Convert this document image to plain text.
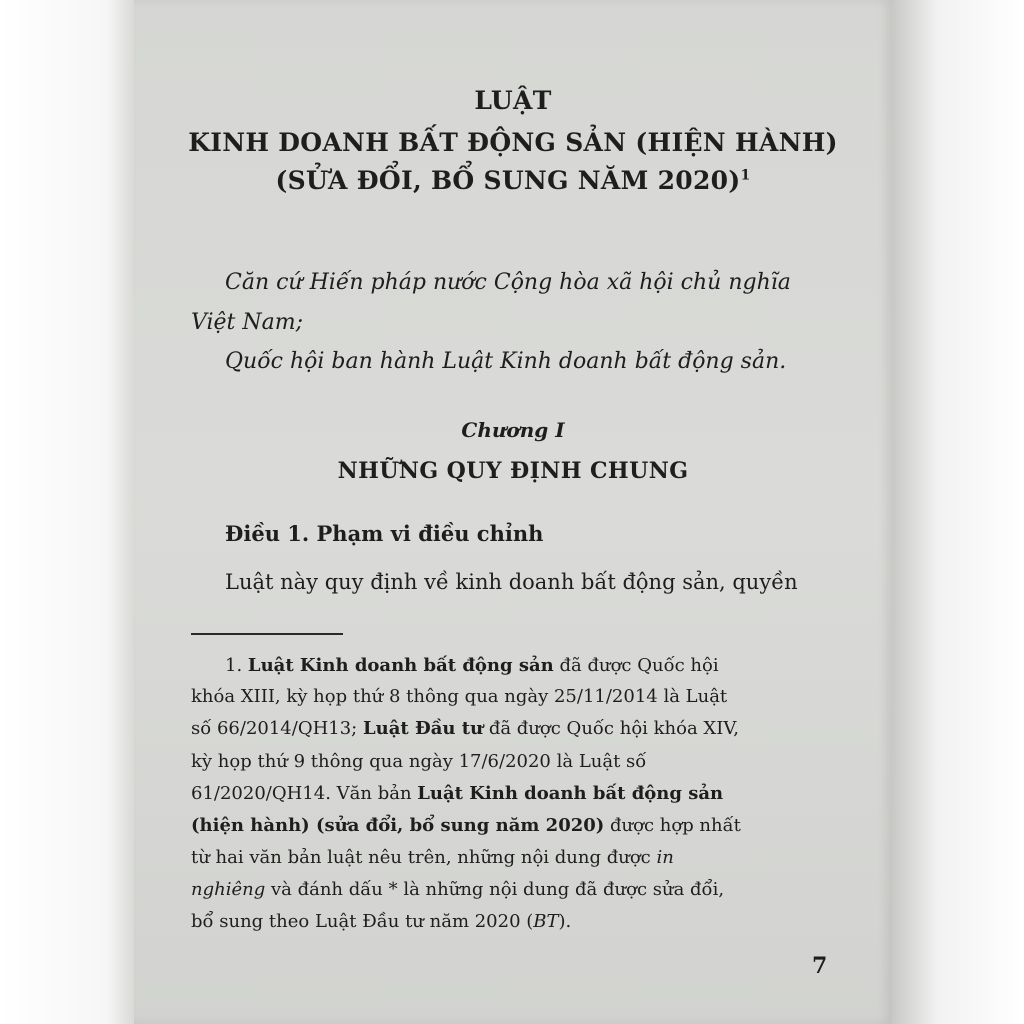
LUẬT
KINH DOANH BẤT ĐỘNG SẢN (HIỆN HÀNH)
(SỬA ĐỔI, BỔ SUNG NĂM 2020)$^1$
Căn cứ Hiến pháp nước Cộng hòa xã hội chủ nghĩa
Việt Nam;
Quốc hội ban hành Luật Kinh doanh bất động sản.
Chương I
NHỮNG QUY ĐỊNH CHUNG
Điều 1. Phạm vi điều chỉnh
Luật này quy định về kinh doanh bất động sản, quyền
1. Luật Kinh doanh bất động sản đã được Quốc hội
khóa XIII, kỳ họp thứ 8 thông qua ngày 25/11/2014 là Luật
số 66/2014/QH13; Luật Đầu tư đã được Quốc hội khóa XIV,
kỳ họp thứ 9 thông qua ngày 17/6/2020 là Luật số
61/2020/QH14. Văn bản Luật Kinh doanh bất động sản
(hiện hành) (sửa đổi, bổ sung năm 2020) được hợp nhất
từ hai văn bản luật nêu trên, những nội dung được in
nghiêng và đánh dấu * là những nội dung đã được sửa đổi,
bổ sung theo Luật Đầu tư năm 2020 (BT).
7
